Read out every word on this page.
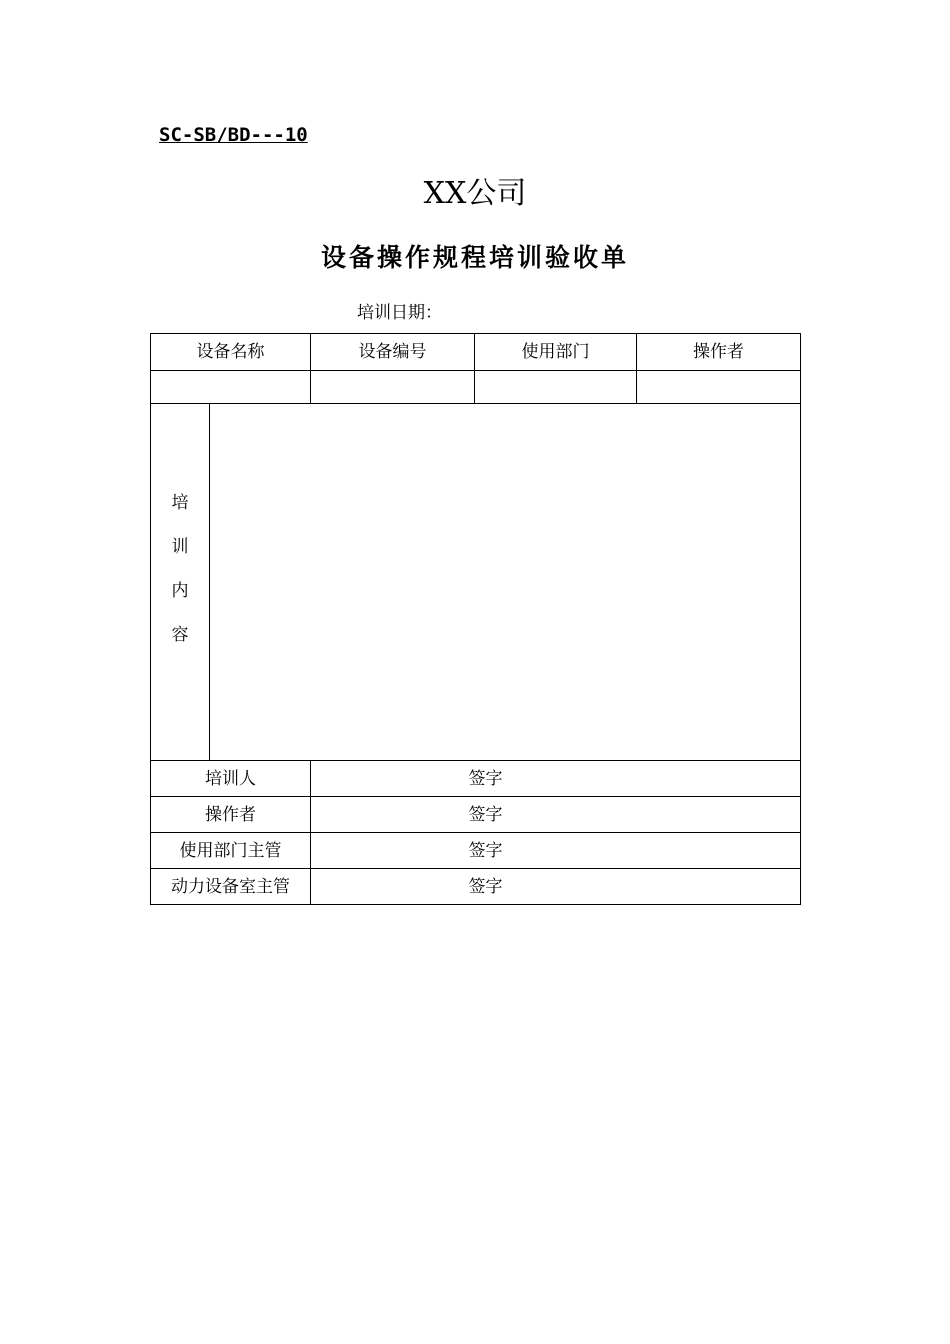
SC-SB/BD---10
XX公司
设备操作规程培训验收单
培训日期：
设备名称		设备编号	使用部门	操作者

培
训
内
容				

培训人		签字		

操作者		签字		

使用部门主管		签字		

动力设备室主管		签字		
